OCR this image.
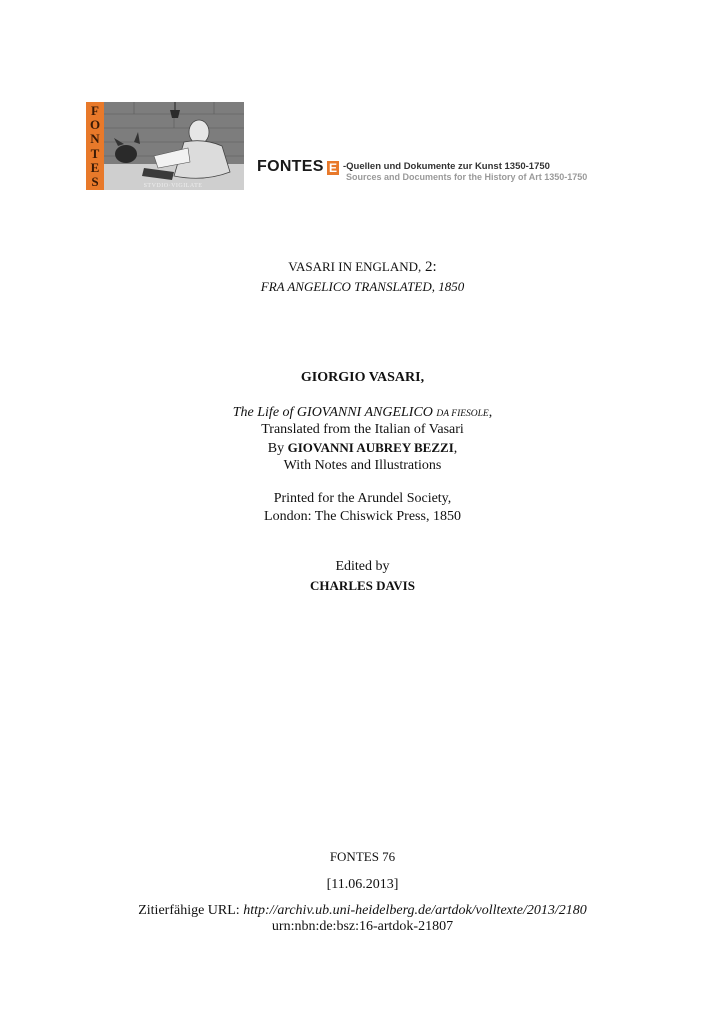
F
O
N
T
E
S	STVDIO·VIGILATE
FONTES E -Quellen und Dokumente zur Kunst 1350-1750
Sources and Documents for the History of Art 1350-1750
VASARI IN ENGLAND, 2:
FRA ANGELICO TRANSLATED, 1850
GIORGIO VASARI,
The Life of GIOVANNI ANGELICO DA FIESOLE,
Translated from the Italian of Vasari
By GIOVANNI AUBREY BEZZI,
With Notes and Illustrations
Printed for the Arundel Society,
London: The Chiswick Press, 1850
Edited by
CHARLES DAVIS
FONTES 76
[11.06.2013]
Zitierfähige URL: http://archiv.ub.uni-heidelberg.de/artdok/volltexte/2013/2180
urn:nbn:de:bsz:16-artdok-21807
